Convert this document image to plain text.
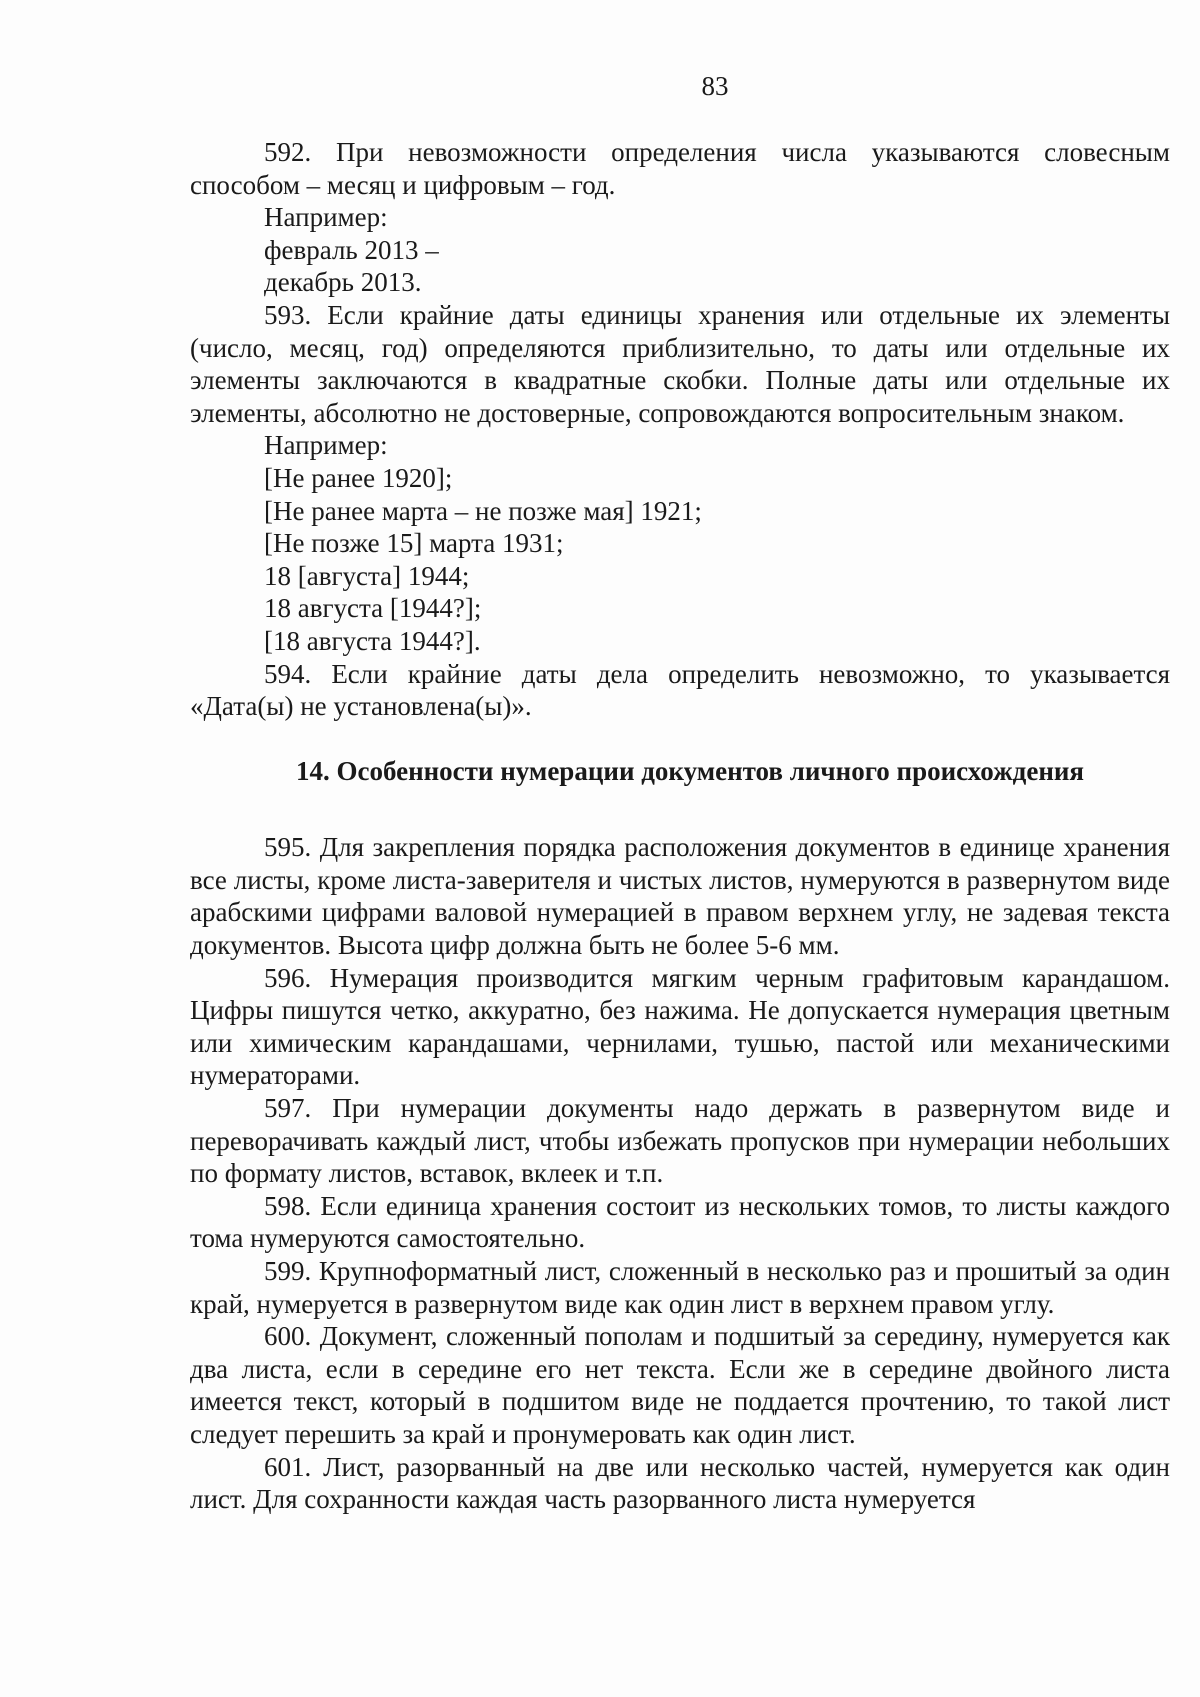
83

592. При невозможности определения числа указываются словесным способом – месяц и цифровым – год.

Например:

февраль 2013 –

декабрь 2013.

593. Если крайние даты единицы хранения или отдельные их элементы (число, месяц, год) определяются приблизительно, то даты или отдельные их элементы заключаются в квадратные скобки. Полные даты или отдельные их элементы, абсолютно не достоверные, сопровождаются вопросительным знаком.

Например:

[Не ранее 1920];

[Не ранее марта – не позже мая] 1921;

[Не позже 15] марта 1931;

18 [августа] 1944;

18 августа [1944?];

[18 августа 1944?].

594. Если крайние даты дела определить невозможно, то указывается «Дата(ы) не установлена(ы)».

14. Особенности нумерации документов личного происхождения

595. Для закрепления порядка расположения документов в единице хранения все листы, кроме листа-заверителя и чистых листов, нумеруются в развернутом виде арабскими цифрами валовой нумерацией в правом верхнем углу, не задевая текста документов. Высота цифр должна быть не более 5-6 мм.

596. Нумерация производится мягким черным графитовым карандашом. Цифры пишутся четко, аккуратно, без нажима. Не допускается нумерация цветным или химическим карандашами, чернилами, тушью, пастой или механическими нумераторами.

597. При нумерации документы надо держать в развернутом виде и переворачивать каждый лист, чтобы избежать пропусков при нумерации небольших по формату листов, вставок, вклеек и т.п.

598. Если единица хранения состоит из нескольких томов, то листы каждого тома нумеруются самостоятельно.

599. Крупноформатный лист, сложенный в несколько раз и прошитый за один край, нумеруется в развернутом виде как один лист в верхнем правом углу.

600. Документ, сложенный пополам и подшитый за середину, нумеруется как два листа, если в середине его нет текста. Если же в середине двойного листа имеется текст, который в подшитом виде не поддается прочтению, то такой лист следует перешить за край и пронумеровать как один лист.

601. Лист, разорванный на две или несколько частей, нумеруется как один лист. Для сохранности каждая часть разорванного листа нумеруется
